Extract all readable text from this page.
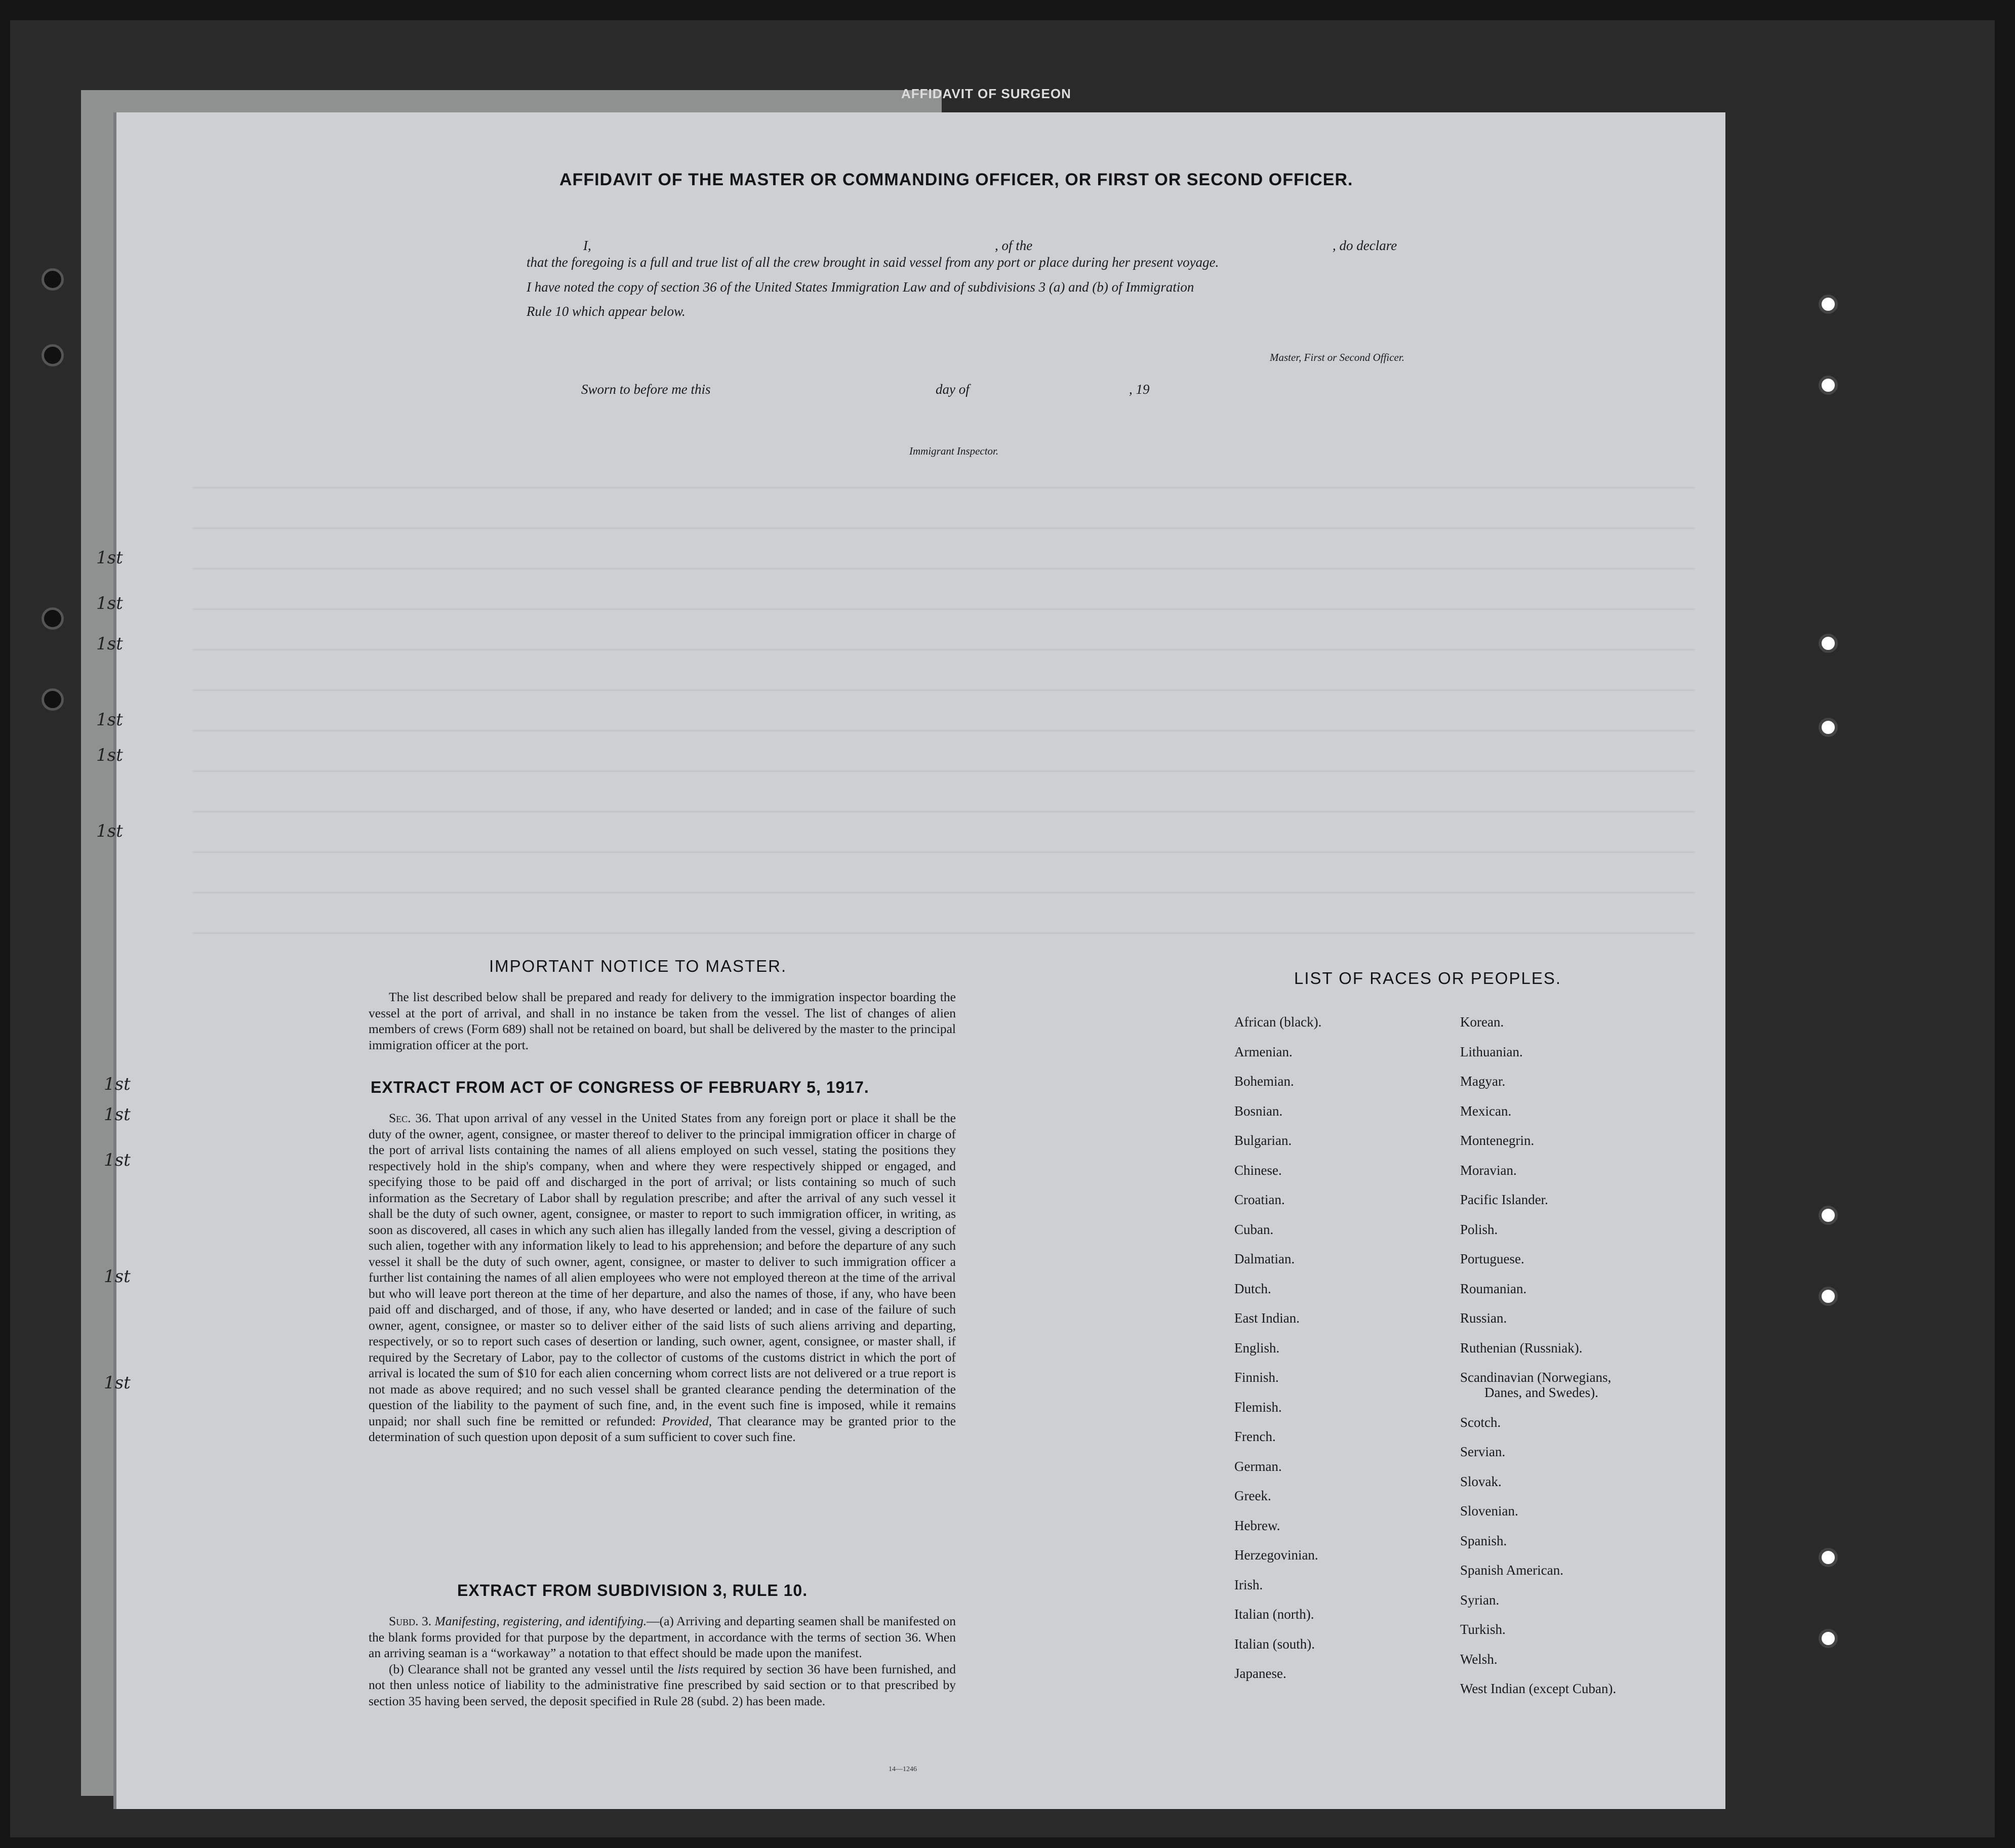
AFFIDAVIT OF SURGEON
1st
1st
1st
1st
1st
1st
1st
1st
1st
1st
1st
AFFIDAVIT OF THE MASTER OR COMMANDING OFFICER, OR FIRST OR SECOND OFFICER.
I,	, of the	, do declare
that the foregoing is a full and true list of all the crew brought in said vessel from any port or place during her present voyage.
I have noted the copy of section 36 of the United States Immigration Law and of subdivisions 3 (a) and (b) of Immigration
Rule 10 which appear below.
Master, First or Second Officer.
Sworn to before me this	day of	, 19
Immigrant Inspector.
IMPORTANT NOTICE TO MASTER.

The list described below shall be prepared and ready for delivery to the immigration inspector boarding the vessel at the port of arrival, and shall in no instance be taken from the vessel. The list of changes of alien members of crews (Form 689) shall not be retained on board, but shall be delivered by the master to the principal immigration officer at the port.

EXTRACT FROM ACT OF CONGRESS OF FEBRUARY 5, 1917.

Sec. 36. That upon arrival of any vessel in the United States from any foreign port or place it shall be the duty of the owner, agent, consignee, or master thereof to deliver to the principal immigration officer in charge of the port of arrival lists containing the names of all aliens employed on such vessel, stating the positions they respectively hold in the ship's company, when and where they were respectively shipped or engaged, and specifying those to be paid off and discharged in the port of arrival; or lists containing so much of such information as the Secretary of Labor shall by regulation prescribe; and after the arrival of any such vessel it shall be the duty of such owner, agent, consignee, or master to report to such immigration officer, in writing, as soon as discovered, all cases in which any such alien has illegally landed from the vessel, giving a description of such alien, together with any information likely to lead to his apprehension; and before the departure of any such vessel it shall be the duty of such owner, agent, consignee, or master to deliver to such immigration officer a further list containing the names of all alien employees who were not employed thereon at the time of the arrival but who will leave port thereon at the time of her departure, and also the names of those, if any, who have been paid off and discharged, and of those, if any, who have deserted or landed; and in case of the failure of such owner, agent, consignee, or master so to deliver either of the said lists of such aliens arriving and departing, respectively, or so to report such cases of desertion or landing, such owner, agent, consignee, or master shall, if required by the Secretary of Labor, pay to the collector of customs of the customs district in which the port of arrival is located the sum of $10 for each alien concerning whom correct lists are not delivered or a true report is not made as above required; and no such vessel shall be granted clearance pending the determination of the question of the liability to the payment of such fine, and, in the event such fine is imposed, while it remains unpaid; nor shall such fine be remitted or refunded: Provided, That clearance may be granted prior to the determination of such question upon deposit of a sum sufficient to cover such fine.

EXTRACT FROM SUBDIVISION 3, RULE 10.

Subd. 3. Manifesting, registering, and identifying.—(a) Arriving and departing seamen shall be manifested on the blank forms provided for that purpose by the department, in accordance with the terms of section 36. When an arriving seaman is a “workaway” a notation to that effect should be made upon the manifest.
(b) Clearance shall not be granted any vessel until the lists required by section 36 have been furnished, and not then unless notice of liability to the administrative fine prescribed by said section or to that prescribed by section 35 having been served, the deposit specified in Rule 28 (subd. 2) has been made.

14—1246
LIST OF RACES OR PEOPLES.
African (black).
Armenian.
Bohemian.
Bosnian.
Bulgarian.
Chinese.
Croatian.
Cuban.
Dalmatian.
Dutch.
East Indian.
English.
Finnish.
Flemish.
French.
German.
Greek.
Hebrew.
Herzegovinian.
Irish.
Italian (north).
Italian (south).
Japanese.
Korean.
Lithuanian.
Magyar.
Mexican.
Montenegrin.
Moravian.
Pacific Islander.
Polish.
Portuguese.
Roumanian.
Russian.
Ruthenian (Russniak).
Scandinavian (Norwegians,
Danes, and Swedes).
Scotch.
Servian.
Slovak.
Slovenian.
Spanish.
Spanish American.
Syrian.
Turkish.
Welsh.
West Indian (except Cuban).
